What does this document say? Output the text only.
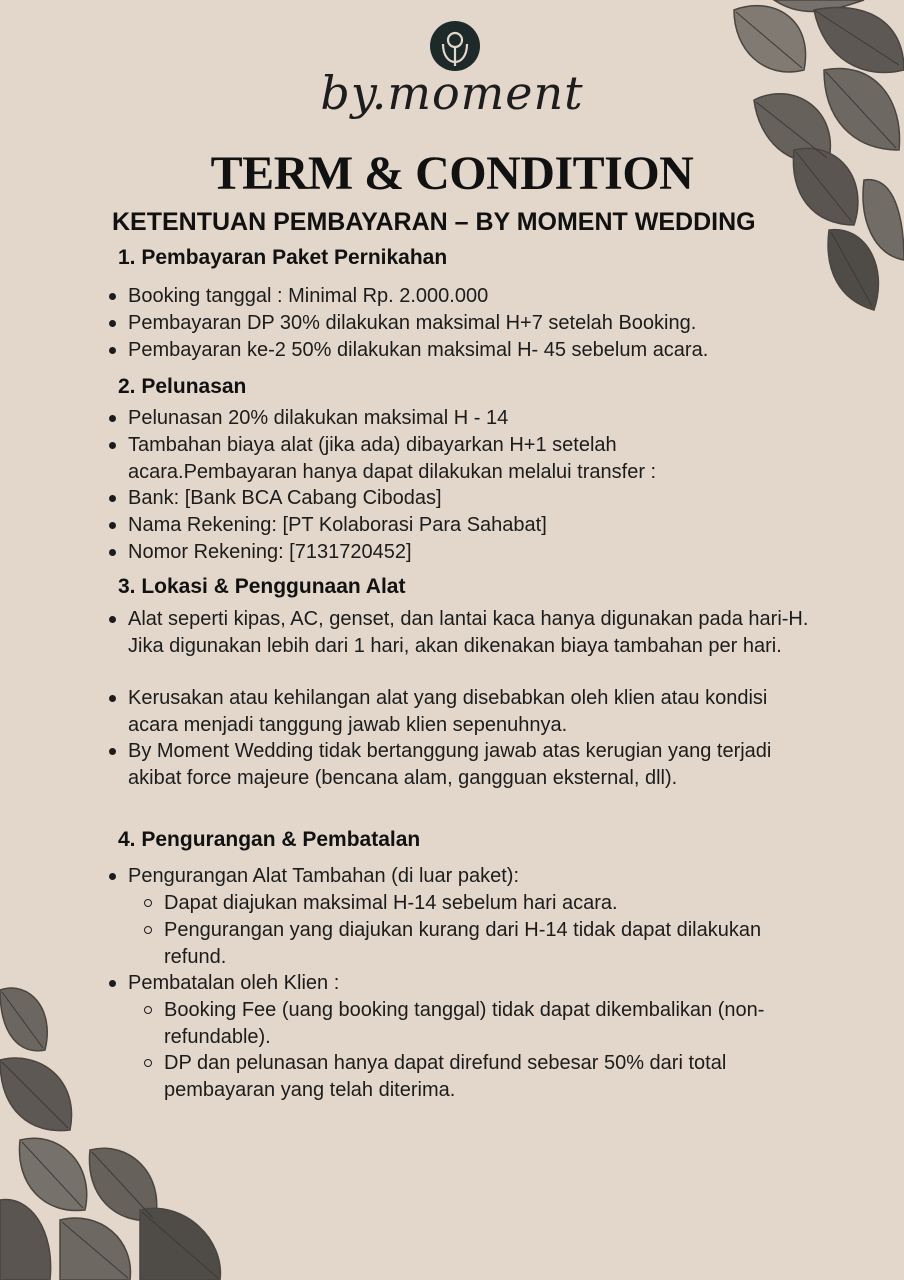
by.moment
TERM & CONDITION
KETENTUAN PEMBAYARAN – BY MOMENT WEDDING
1. Pembayaran Paket Pernikahan
Booking tanggal : Minimal Rp. 2.000.000
Pembayaran DP 30% dilakukan maksimal H+7 setelah Booking.
Pembayaran ke-2 50% dilakukan maksimal H- 45 sebelum acara.
2. Pelunasan
Pelunasan 20% dilakukan maksimal H - 14
Tambahan biaya alat (jika ada) dibayarkan H+1 setelah acara.Pembayaran hanya dapat dilakukan melalui transfer :
Bank: [Bank BCA Cabang Cibodas]
Nama Rekening: [PT Kolaborasi Para Sahabat]
Nomor Rekening: [7131720452]
3. Lokasi & Penggunaan Alat
Alat seperti kipas, AC, genset, dan lantai kaca hanya digunakan pada hari-H. Jika digunakan lebih dari 1 hari, akan dikenakan biaya tambahan per hari.
Kerusakan atau kehilangan alat yang disebabkan oleh klien atau kondisi acara menjadi tanggung jawab klien sepenuhnya.
By Moment Wedding tidak bertanggung jawab atas kerugian yang terjadi akibat force majeure (bencana alam, gangguan eksternal, dll).
4. Pengurangan & Pembatalan
Pengurangan Alat Tambahan (di luar paket):
Dapat diajukan maksimal H-14 sebelum hari acara.
Pengurangan yang diajukan kurang dari H-14 tidak dapat dilakukan refund.
Pembatalan oleh Klien :
Booking Fee (uang booking tanggal) tidak dapat dikembalikan (non-refundable).
DP dan pelunasan hanya dapat direfund sebesar 50% dari total pembayaran yang telah diterima.
